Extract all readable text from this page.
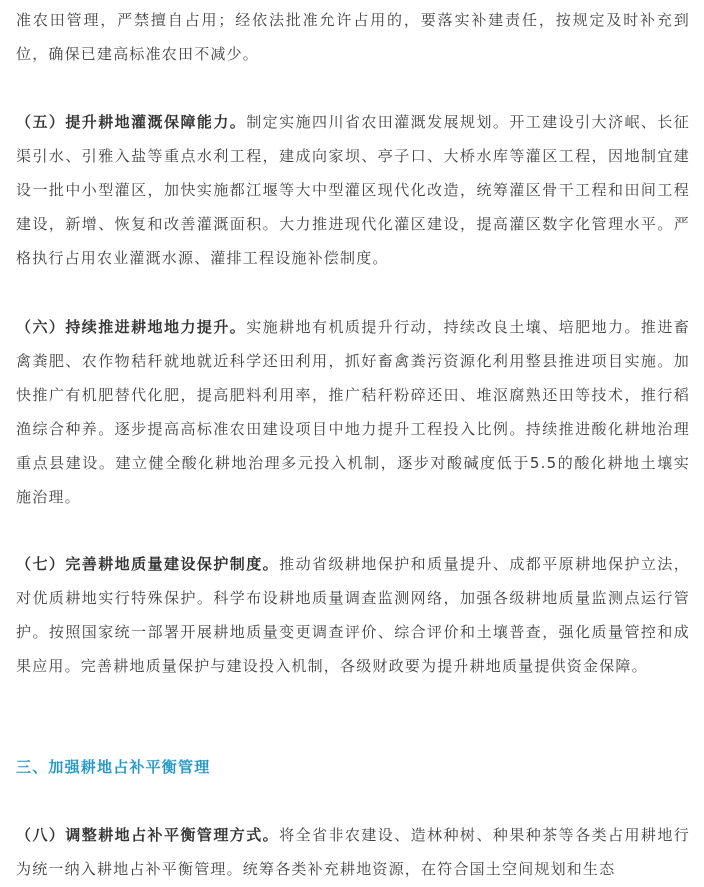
准农田管理，严禁擅自占用；经依法批准允许占用的，要落实补建责任，按规定及时补充到位，确保已建高标准农田不减少。

（五）提升耕地灌溉保障能力。制定实施四川省农田灌溉发展规划。开工建设引大济岷、长征渠引水、引雅入盐等重点水利工程，建成向家坝、亭子口、大桥水库等灌区工程，因地制宜建设一批中小型灌区，加快实施都江堰等大中型灌区现代化改造，统筹灌区骨干工程和田间工程建设，新增、恢复和改善灌溉面积。大力推进现代化灌区建设，提高灌区数字化管理水平。严格执行占用农业灌溉水源、灌排工程设施补偿制度。

（六）持续推进耕地地力提升。实施耕地有机质提升行动，持续改良土壤、培肥地力。推进畜禽粪肥、农作物秸秆就地就近科学还田利用，抓好畜禽粪污资源化利用整县推进项目实施。加快推广有机肥替代化肥，提高肥料利用率，推广秸秆粉碎还田、堆沤腐熟还田等技术，推行稻渔综合种养。逐步提高高标准农田建设项目中地力提升工程投入比例。持续推进酸化耕地治理重点县建设。建立健全酸化耕地治理多元投入机制，逐步对酸碱度低于5.5的酸化耕地土壤实施治理。

（七）完善耕地质量建设保护制度。推动省级耕地保护和质量提升、成都平原耕地保护立法，对优质耕地实行特殊保护。科学布设耕地质量调查监测网络，加强各级耕地质量监测点运行管护。按照国家统一部署开展耕地质量变更调查评价、综合评价和土壤普查，强化质量管控和成果应用。完善耕地质量保护与建设投入机制，各级财政要为提升耕地质量提供资金保障。

三、加强耕地占补平衡管理

（八）调整耕地占补平衡管理方式。将全省非农建设、造林种树、种果种茶等各类占用耕地行为统一纳入耕地占补平衡管理。统筹各类补充耕地资源，在符合国土空间规划和生态
